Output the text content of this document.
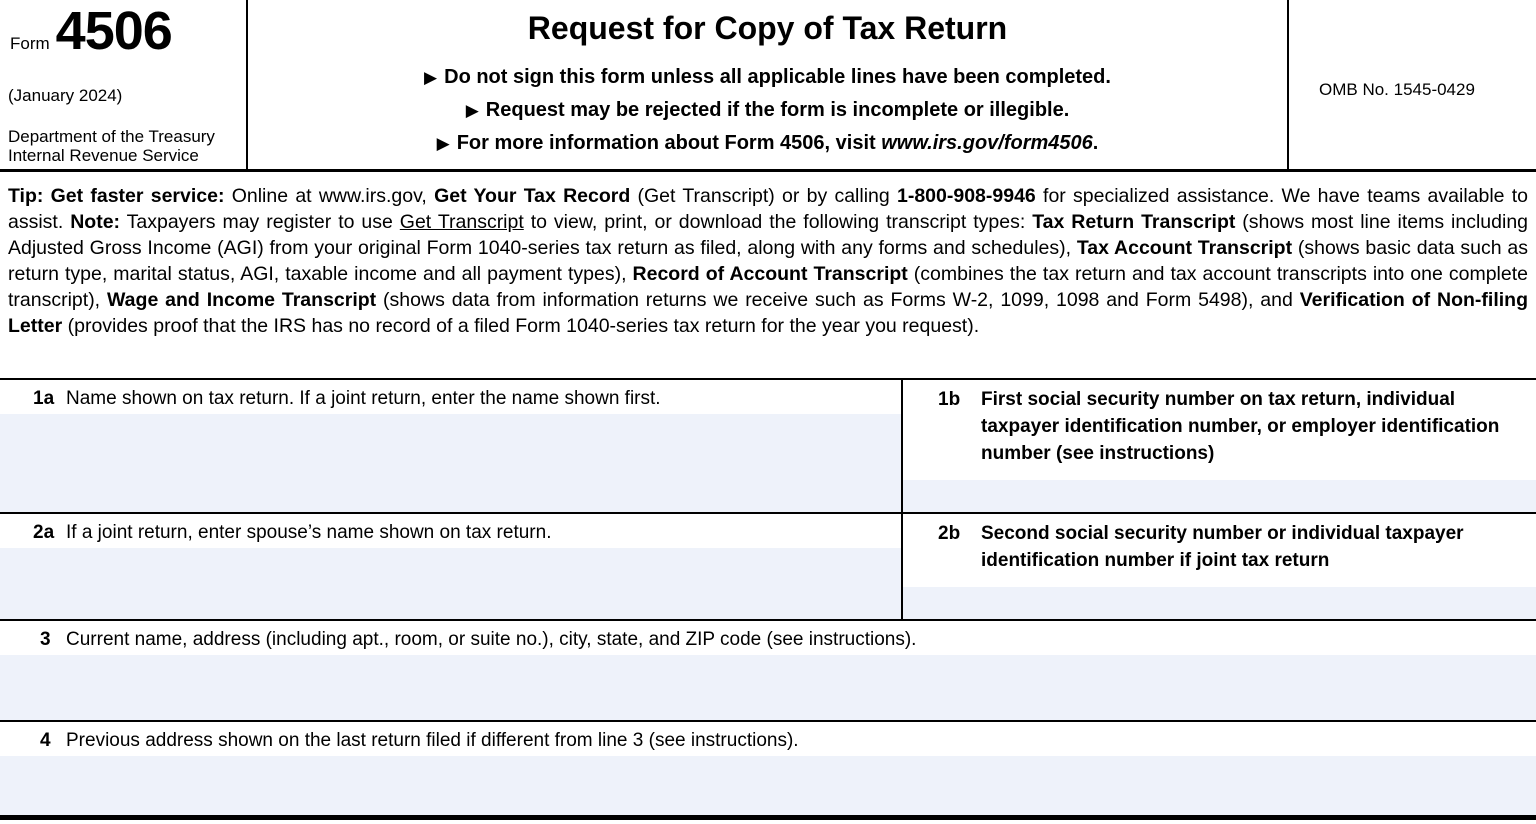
Form 4506
(January 2024)
Department of the Treasury
Internal Revenue Service
Request for Copy of Tax Return
▶ Do not sign this form unless all applicable lines have been completed.
▶ Request may be rejected if the form is incomplete or illegible.
▶ For more information about Form 4506, visit www.irs.gov/form4506.
OMB No. 1545-0429
Tip: Get faster service: Online at www.irs.gov, Get Your Tax Record (Get Transcript) or by calling 1-800-908-9946 for specialized assistance. We have teams available to assist. Note: Taxpayers may register to use Get Transcript to view, print, or download the following transcript types: Tax Return Transcript (shows most line items including Adjusted Gross Income (AGI) from your original Form 1040-series tax return as filed, along with any forms and schedules), Tax Account Transcript (shows basic data such as return type, marital status, AGI, taxable income and all payment types), Record of Account Transcript (combines the tax return and tax account transcripts into one complete transcript), Wage and Income Transcript (shows data from information returns we receive such as Forms W-2, 1099, 1098 and Form 5498), and Verification of Non-filing Letter (provides proof that the IRS has no record of a filed Form 1040-series tax return for the year you request).
1a Name shown on tax return. If a joint return, enter the name shown first.	1b	First social security number on tax return, individual taxpayer identification number, or employer identification number (see instructions)
2a If a joint return, enter spouse’s name shown on tax return.	2b	Second social security number or individual taxpayer identification number if joint tax return
3 Current name, address (including apt., room, or suite no.), city, state, and ZIP code (see instructions).
4 Previous address shown on the last return filed if different from line 3 (see instructions).
